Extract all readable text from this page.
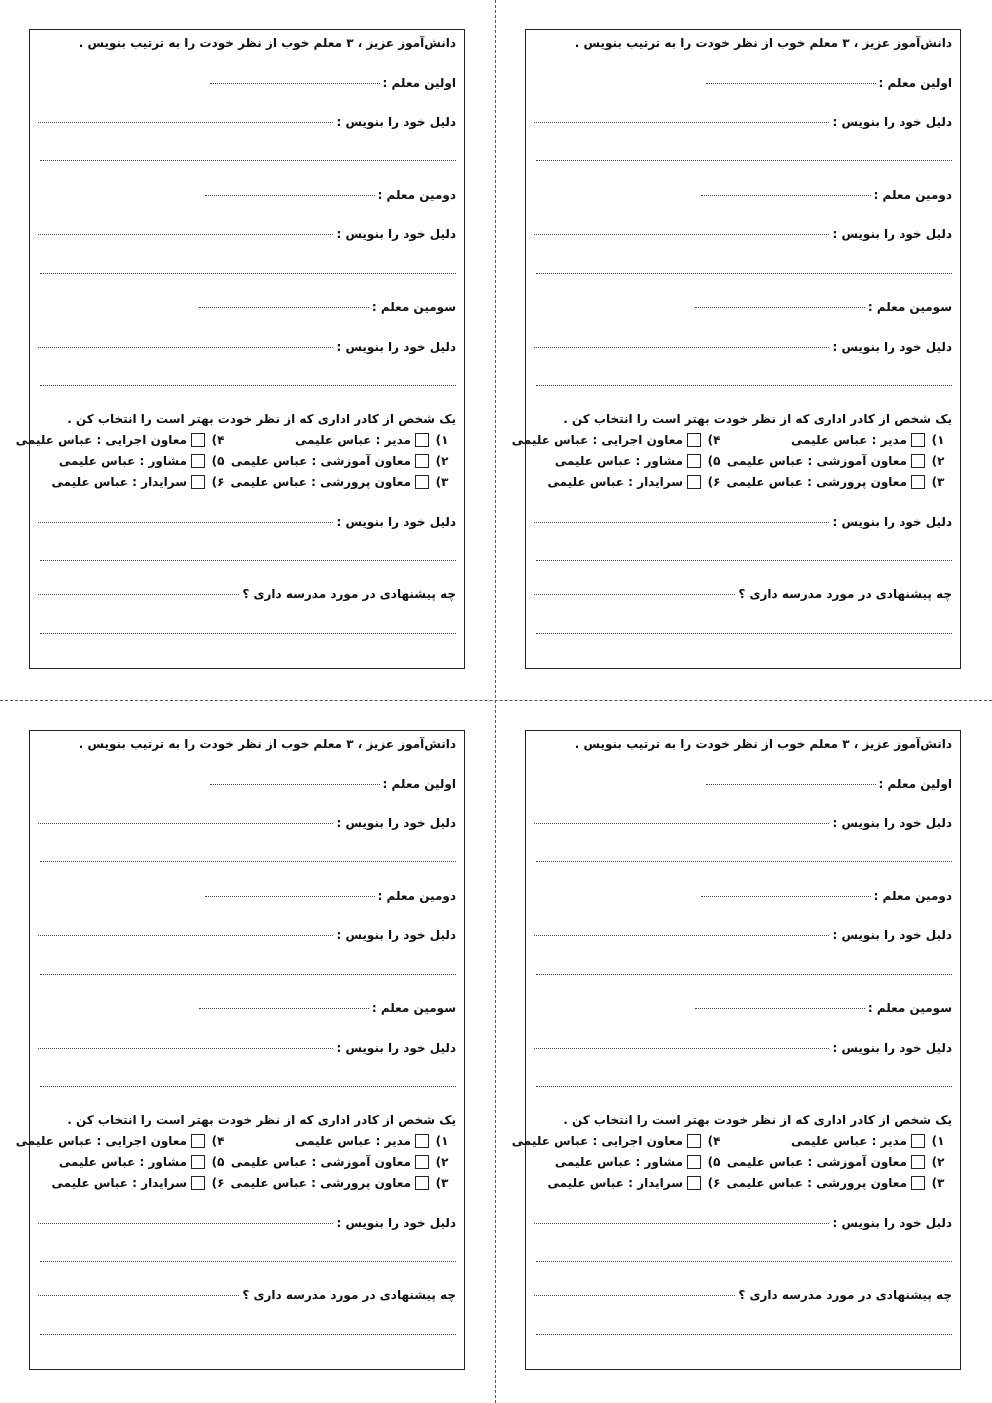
دانش‌آموز عزیز ، ۳ معلم خوب از نظر خودت را به ترتیب بنویس .
اولین معلم :
دلیل خود را بنویس :
دومین معلم :
دلیل خود را بنویس :
سومین معلم :
دلیل خود را بنویس :
یک شخص از کادر اداری که از نظر خودت بهتر است را انتخاب کن .
۱)
مدیر : عباس علیمی
۴)
معاون اجرایی : عباس علیمی
۲)
معاون آموزشی : عباس علیمی
۵)
مشاور : عباس علیمی
۳)
معاون پرورشی : عباس علیمی
۶)
سرایدار : عباس علیمی
دلیل خود را بنویس :
چه پیشنهادی در مورد مدرسه داری ؟
دانش‌آموز عزیز ، ۳ معلم خوب از نظر خودت را به ترتیب بنویس .
اولین معلم :
دلیل خود را بنویس :
دومین معلم :
دلیل خود را بنویس :
سومین معلم :
دلیل خود را بنویس :
یک شخص از کادر اداری که از نظر خودت بهتر است را انتخاب کن .
۱)
مدیر : عباس علیمی
۴)
معاون اجرایی : عباس علیمی
۲)
معاون آموزشی : عباس علیمی
۵)
مشاور : عباس علیمی
۳)
معاون پرورشی : عباس علیمی
۶)
سرایدار : عباس علیمی
دلیل خود را بنویس :
چه پیشنهادی در مورد مدرسه داری ؟
دانش‌آموز عزیز ، ۳ معلم خوب از نظر خودت را به ترتیب بنویس .
اولین معلم :
دلیل خود را بنویس :
دومین معلم :
دلیل خود را بنویس :
سومین معلم :
دلیل خود را بنویس :
یک شخص از کادر اداری که از نظر خودت بهتر است را انتخاب کن .
۱)
مدیر : عباس علیمی
۴)
معاون اجرایی : عباس علیمی
۲)
معاون آموزشی : عباس علیمی
۵)
مشاور : عباس علیمی
۳)
معاون پرورشی : عباس علیمی
۶)
سرایدار : عباس علیمی
دلیل خود را بنویس :
چه پیشنهادی در مورد مدرسه داری ؟
دانش‌آموز عزیز ، ۳ معلم خوب از نظر خودت را به ترتیب بنویس .
اولین معلم :
دلیل خود را بنویس :
دومین معلم :
دلیل خود را بنویس :
سومین معلم :
دلیل خود را بنویس :
یک شخص از کادر اداری که از نظر خودت بهتر است را انتخاب کن .
۱)
مدیر : عباس علیمی
۴)
معاون اجرایی : عباس علیمی
۲)
معاون آموزشی : عباس علیمی
۵)
مشاور : عباس علیمی
۳)
معاون پرورشی : عباس علیمی
۶)
سرایدار : عباس علیمی
دلیل خود را بنویس :
چه پیشنهادی در مورد مدرسه داری ؟
